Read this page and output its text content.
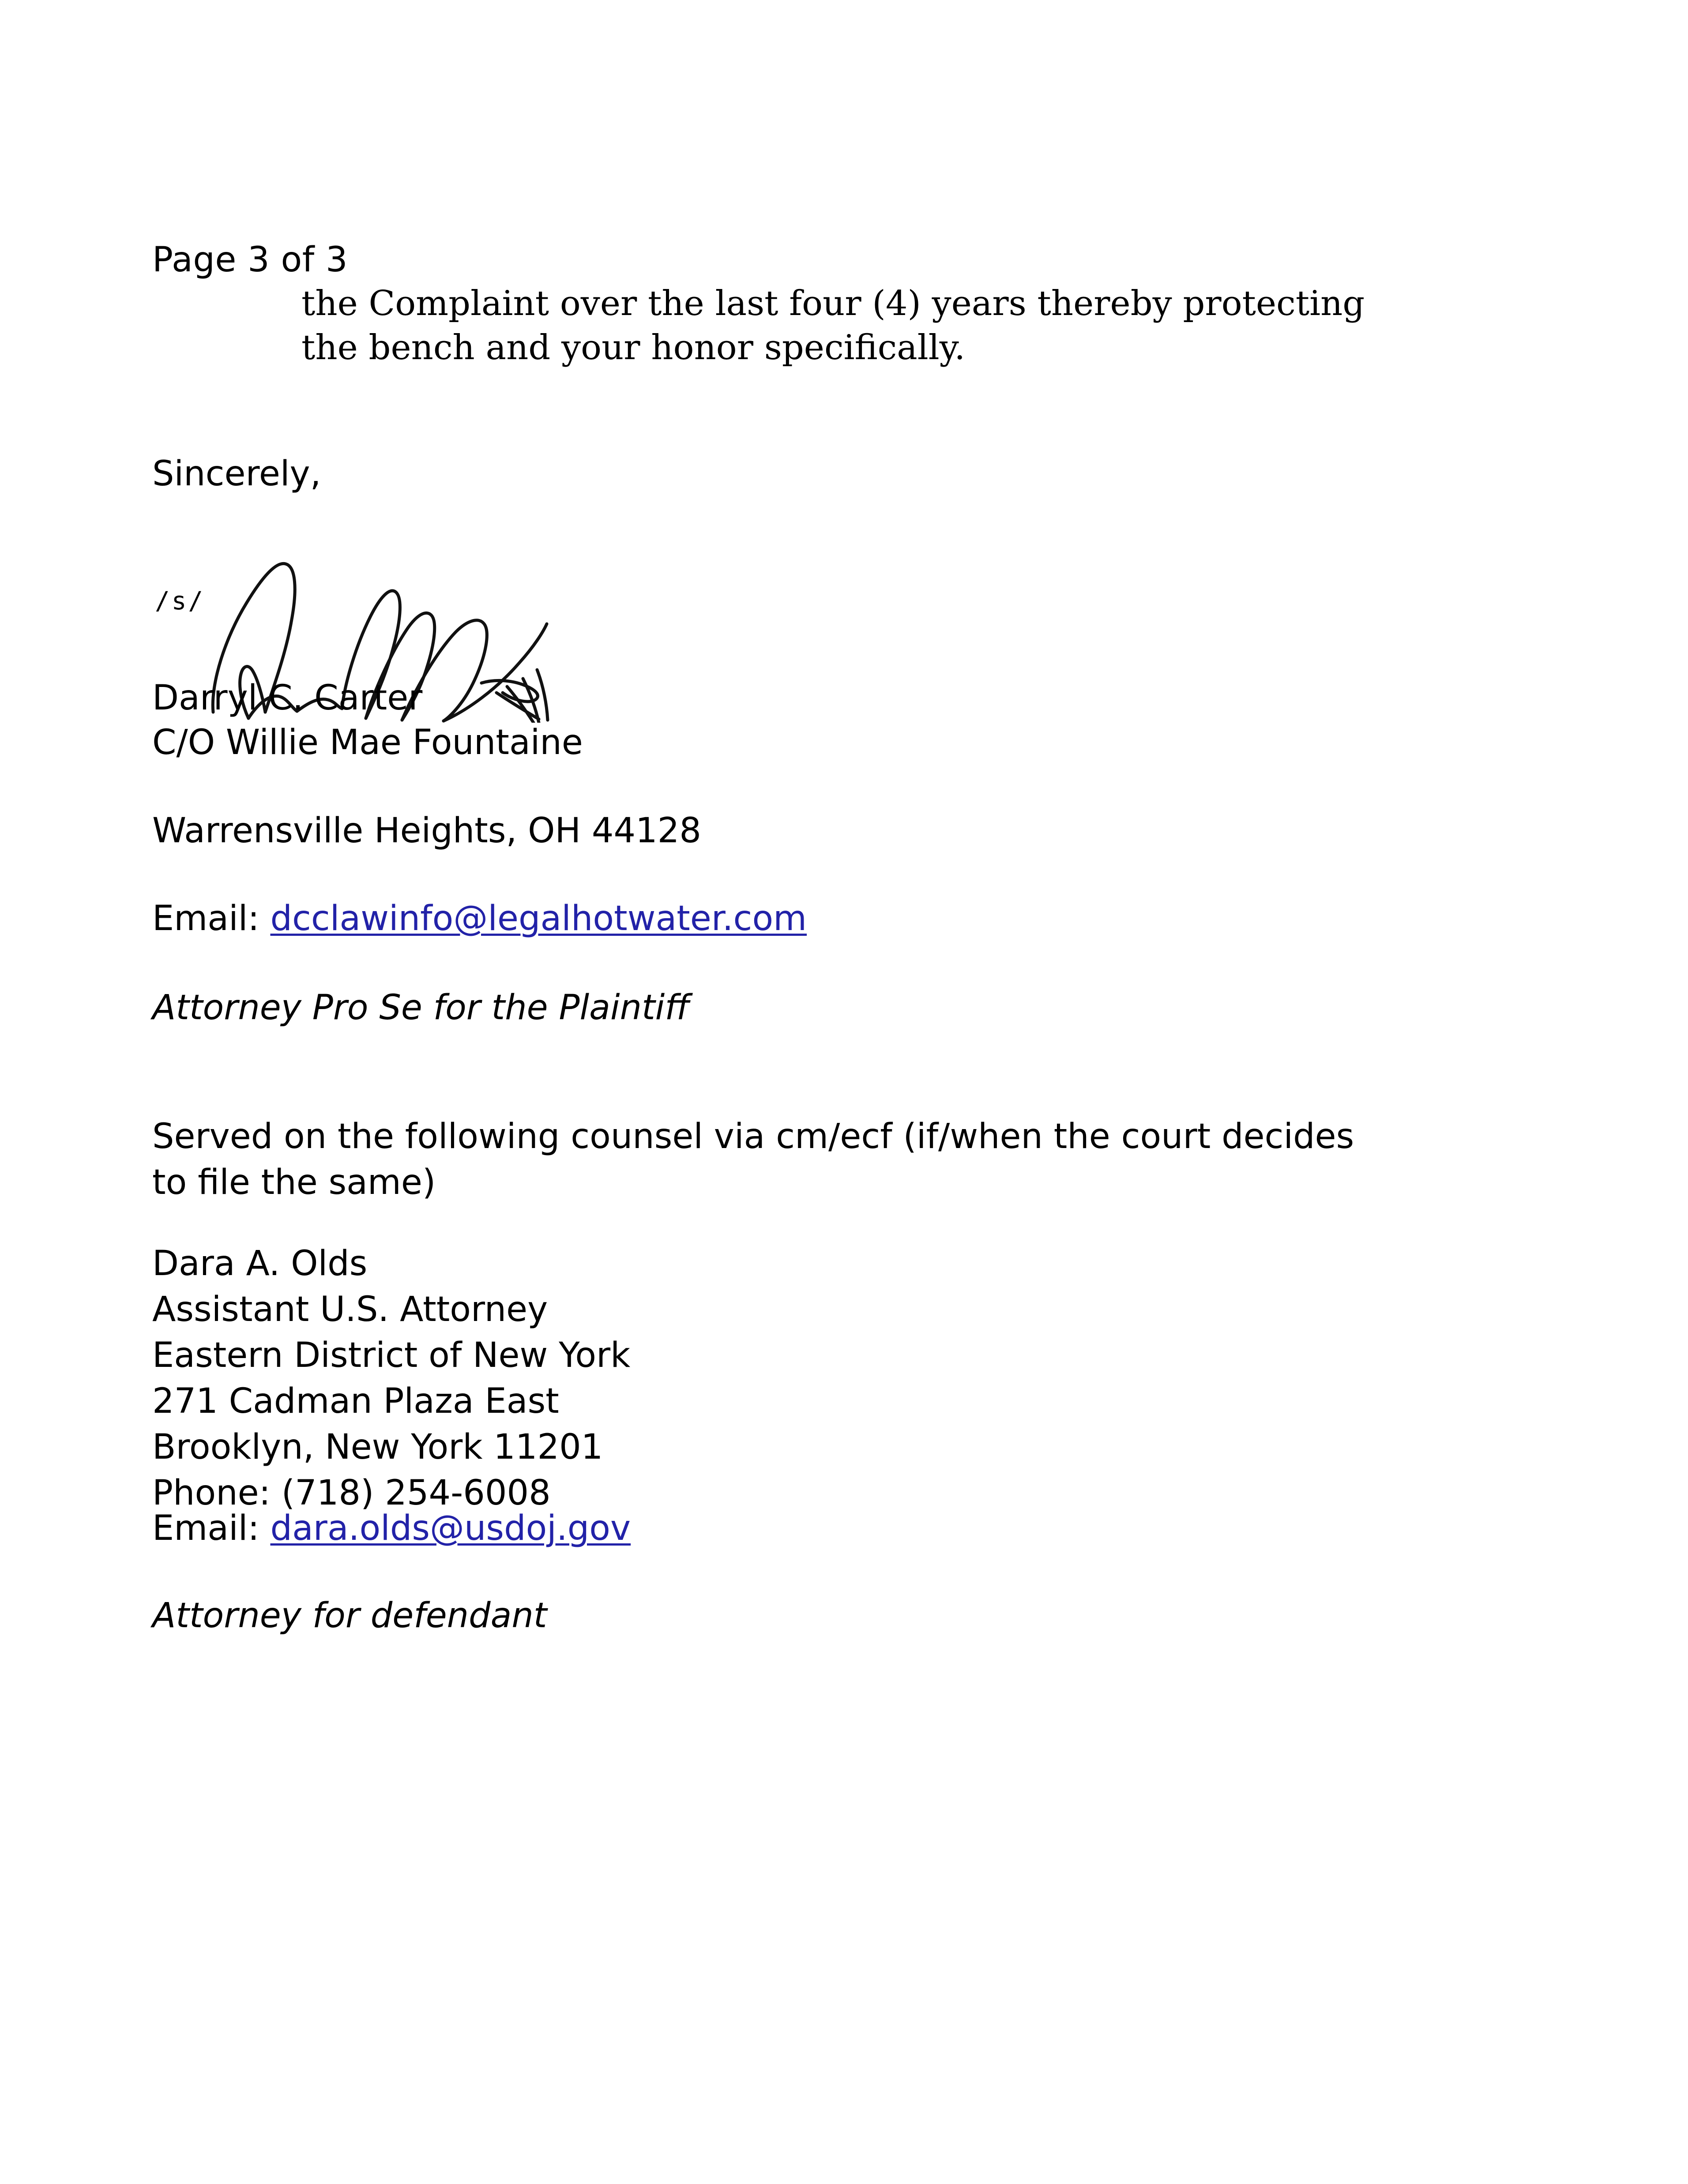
Page 3 of 3
the Complaint over the last four (4) years thereby protecting
the bench and your honor specifically.
Sincerely,
/s/
Darryl C. Carter
C/O Willie Mae Fountaine
Warrensville Heights, OH 44128
Email: dcclawinfo@legalhotwater.com
Attorney Pro Se for the Plaintiff
Served on the following counsel via cm/ecf (if/when the court decides
to file the same)
Dara A. Olds
Assistant U.S. Attorney
Eastern District of New York
271 Cadman Plaza East
Brooklyn, New York 11201
Phone: (718) 254-6008
Email: dara.olds@usdoj.gov
Attorney for defendant
